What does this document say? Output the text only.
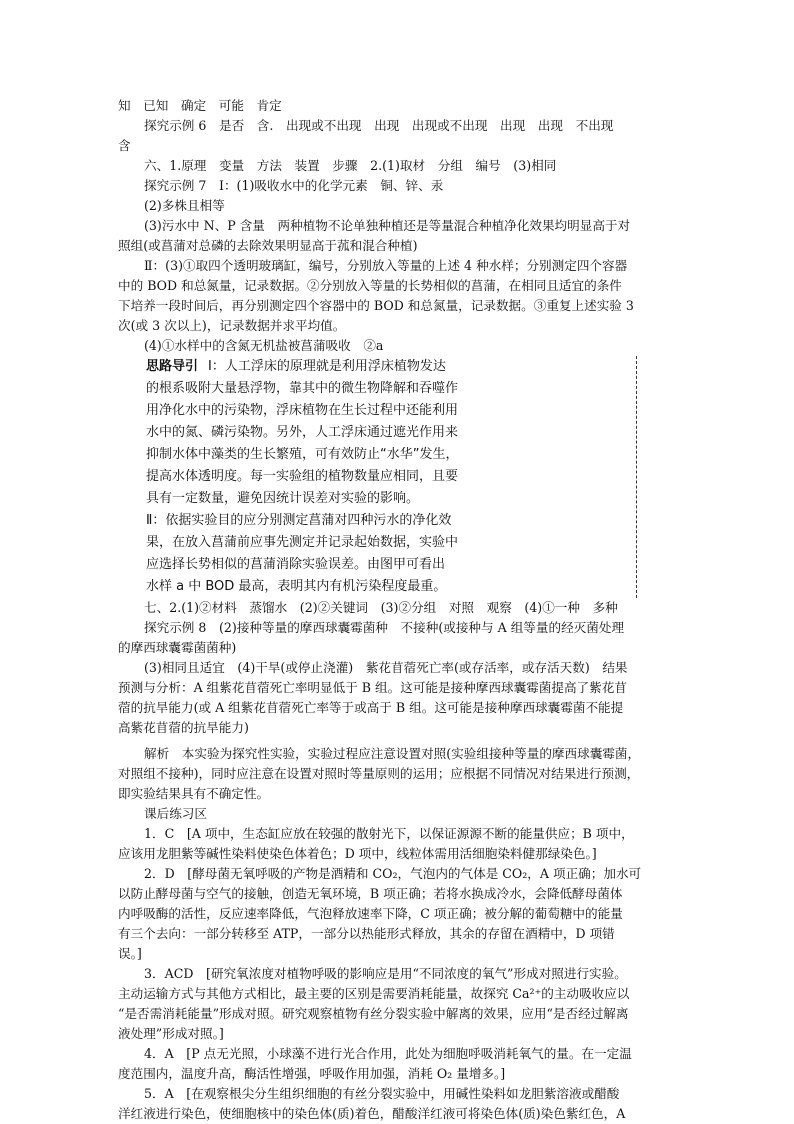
知　已知　确定　可能　肯定
探究示例 6　是否　含.　出现或不出现　出现　出现或不出现　出现　出现　不出现
含
六、1.原理　变量　方法　装置　步骤　2.(1)取材　分组　编号　(3)相同
探究示例 7　Ⅰ：(1)吸收水中的化学元素　铜、锌、汞
(2)多株且相等
(3)污水中 N、P 含量　两种植物不论单独种植还是等量混合种植净化效果均明显高于对
照组(或菖蒲对总磷的去除效果明显高于菰和混合种植)
Ⅱ：(3)①取四个透明玻璃缸，编号，分别放入等量的上述 4 种水样；分别测定四个容器
中的 BOD 和总氮量，记录数据。②分别放入等量的长势相似的菖蒲，在相同且适宜的条件
下培养一段时间后，再分别测定四个容器中的 BOD 和总氮量，记录数据。③重复上述实验 3
次(或 3 次以上)，记录数据并求平均值。
(4)①水样中的含氮无机盐被菖蒲吸收　②a
思路导引 Ⅰ：人工浮床的原理就是利用浮床植物发达
的根系吸附大量悬浮物，靠其中的微生物降解和吞噬作
用净化水中的污染物，浮床植物在生长过程中还能利用
水中的氮、磷污染物。另外，人工浮床通过遮光作用来
抑制水体中藻类的生长繁殖，可有效防止“水华”发生，
提高水体透明度。每一实验组的植物数量应相同，且要
具有一定数量，避免因统计误差对实验的影响。
Ⅱ：依据实验目的应分别测定菖蒲对四种污水的净化效
果，在放入菖蒲前应事先测定并记录起始数据，实验中
应选择长势相似的菖蒲消除实验误差。由图甲可看出
水样 a 中 BOD 最高，表明其内有机污染程度最重。
七、2.(1)②材料　蒸馏水　(2)②关键词　(3)②分组　对照　观察　(4)①一种　多种
探究示例 8　(2)接种等量的摩西球囊霉菌种　不接种(或接种与 A 组等量的经灭菌处理
的摩西球囊霉菌菌种)
(3)相同且适宜　(4)干旱(或停止浇灌)　紫花苜蓿死亡率(或存活率，或存活天数)　结果
预测与分析：A 组紫花苜蓿死亡率明显低于 B 组。这可能是接种摩西球囊霉菌提高了紫花苜
蓿的抗旱能力(或 A 组紫花苜蓿死亡率等于或高于 B 组。这可能是接种摩西球囊霉菌不能提
高紫花苜蓿的抗旱能力)
解析　本实验为探究性实验，实验过程应注意设置对照(实验组接种等量的摩西球囊霉菌，
对照组不接种)，同时应注意在设置对照时等量原则的运用；应根据不同情况对结果进行预测，
即实验结果具有不确定性。
课后练习区
1．C　[A 项中，生态缸应放在较强的散射光下，以保证源源不断的能量供应；B 项中，
应该用龙胆紫等碱性染料使染色体着色；D 项中，线粒体需用活细胞染料健那绿染色。]
2．D　[酵母菌无氧呼吸的产物是酒精和 CO₂，气泡内的气体是 CO₂，A 项正确；加水可
以防止酵母菌与空气的接触，创造无氧环境，B 项正确；若将水换成冷水，会降低酵母菌体
内呼吸酶的活性，反应速率降低，气泡释放速率下降，C 项正确；被分解的葡萄糖中的能量
有三个去向：一部分转移至 ATP，一部分以热能形式释放，其余的存留在酒精中，D 项错
误。]
3．ACD　[研究氧浓度对植物呼吸的影响应是用“不同浓度的氧气”形成对照进行实验。
主动运输方式与其他方式相比，最主要的区别是需要消耗能量，故探究 Ca²⁺的主动吸收应以
“是否需消耗能量”形成对照。研究观察植物有丝分裂实验中解离的效果，应用“是否经过解离
液处理”形成对照。]
4．A　[P 点无光照，小球藻不进行光合作用，此处为细胞呼吸消耗氧气的量。在一定温
度范围内，温度升高，酶活性增强，呼吸作用加强，消耗 O₂ 量增多。]
5．A　[在观察根尖分生组织细胞的有丝分裂实验中，用碱性染料如龙胆紫溶液或醋酸
洋红液进行染色，使细胞核中的染色体(质)着色，醋酸洋红液可将染色体(质)染色紫红色，A
